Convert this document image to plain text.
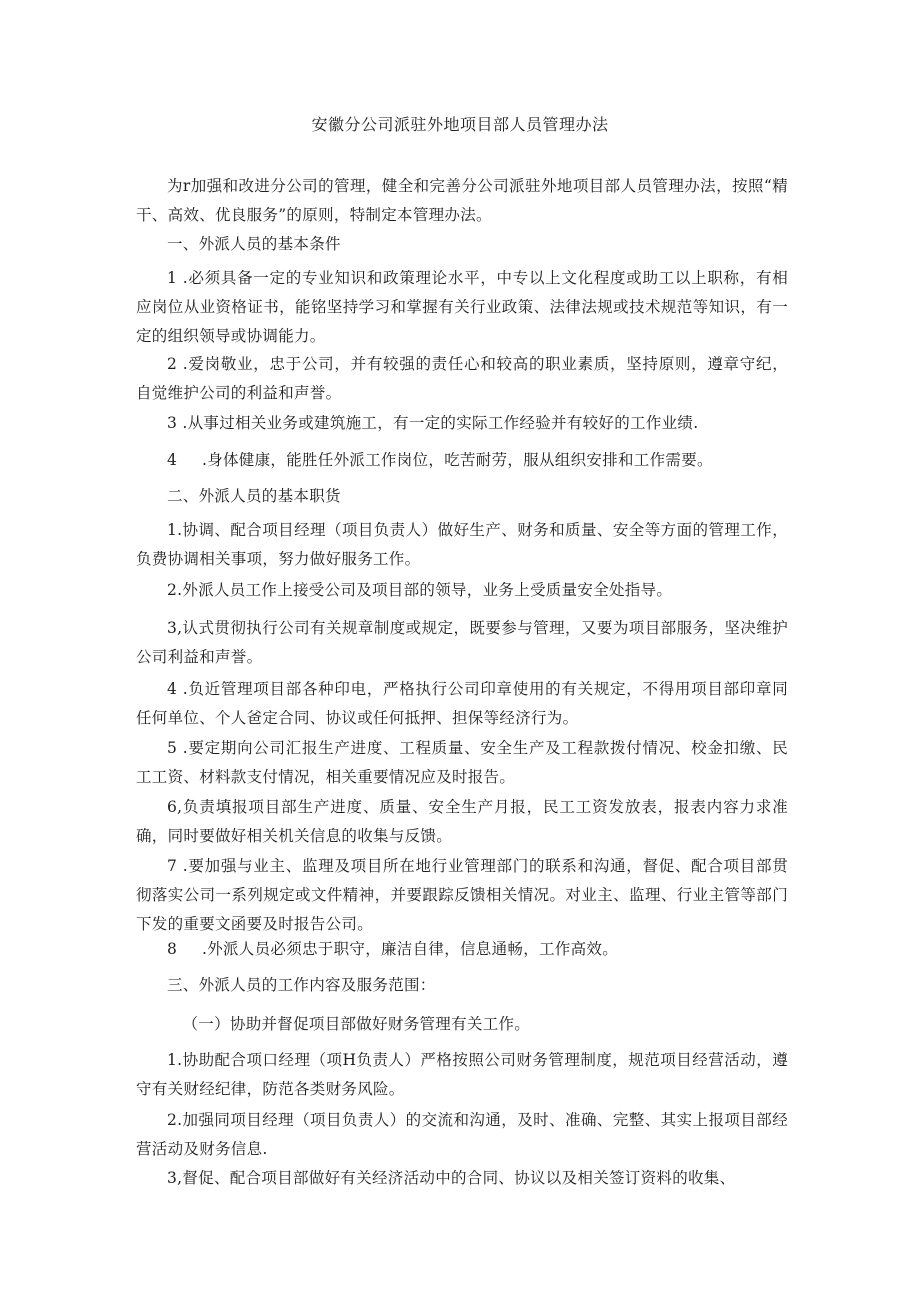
安徽分公司派驻外地项目部人员管理办法

为r加强和改进分公司的管理，健全和完善分公司派驻外地项目部人员管理办法，按照“精干、高效、优良服务”的原则，特制定本管理办法。

一、外派人员的基本条件

1 .必须具备一定的专业知识和政策理论水平，中专以上文化程度或助工以上职称，有相应岗位从业资格证书，能铭坚持学习和掌握有关行业政策、法律法规或技术规范等知识，有一定的组织领导或协调能力。

2 .爱岗敬业，忠于公司，并有较强的责任心和较高的职业素质，坚持原则，遵章守纪，自觉维护公司的利益和声誉。

3 .从事过相关业务或建筑施工，有一定的实际工作经验并有较好的工作业绩.

4 .身体健康，能胜任外派工作岗位，吃苦耐劳，服从组织安排和工作需要。

二、外派人员的基本职货

1.协调、配合项目经理（项目负责人）做好生产、财务和质量、安全等方面的管理工作，负费协调相关事项，努力做好服务工作。

2.外派人员工作上接受公司及项目部的领导，业务上受质量安全处指导。

3,认式贯彻执行公司有关规章制度或规定，既要参与管理，又要为项目部服务，坚决维护公司利益和声誉。

4 .负近管理项目部各种印电，严格执行公司印章使用的有关规定，不得用项目部印章同任何单位、个人爸定合同、协议或任何抵押、担保等经济行为。

5 .要定期向公司汇报生产进度、工程质量、安全生产及工程款拨付情况、校金扣缴、民工工资、材料款支付情况，相关重要情况应及时报告。

6,负责填报项目部生产进度、质量、安全生产月报，民工工资发放表，报表内容力求准确，同时要做好相关机关信息的收集与反馈。

7 .要加强与业主、监理及项目所在地行业管理部门的联系和沟通，督促、配合项目部贯彻落实公司一系列规定或文件精神，并要跟踪反馈相关情况。对业主、监理、行业主管等部门下发的重要文函要及时报告公司。

8 .外派人员必须忠于职守，廉洁自律，信息通畅，工作高效。

三、外派人员的工作内容及服务范围：

（一）协助并督促项目部做好财务管理有关工作。

1.协助配合项口经理（项H负责人）严格按照公司财务管理制度，规范项目经营活动，遵守有关财经纪律，防范各类财务风险。

2.加强同项目经理（项目负责人）的交流和沟通，及时、准确、完整、其实上报项目部经营活动及财务信息.

3,督促、配合项目部做好有关经济活动中的合同、协议以及相关签订资料的收集、
